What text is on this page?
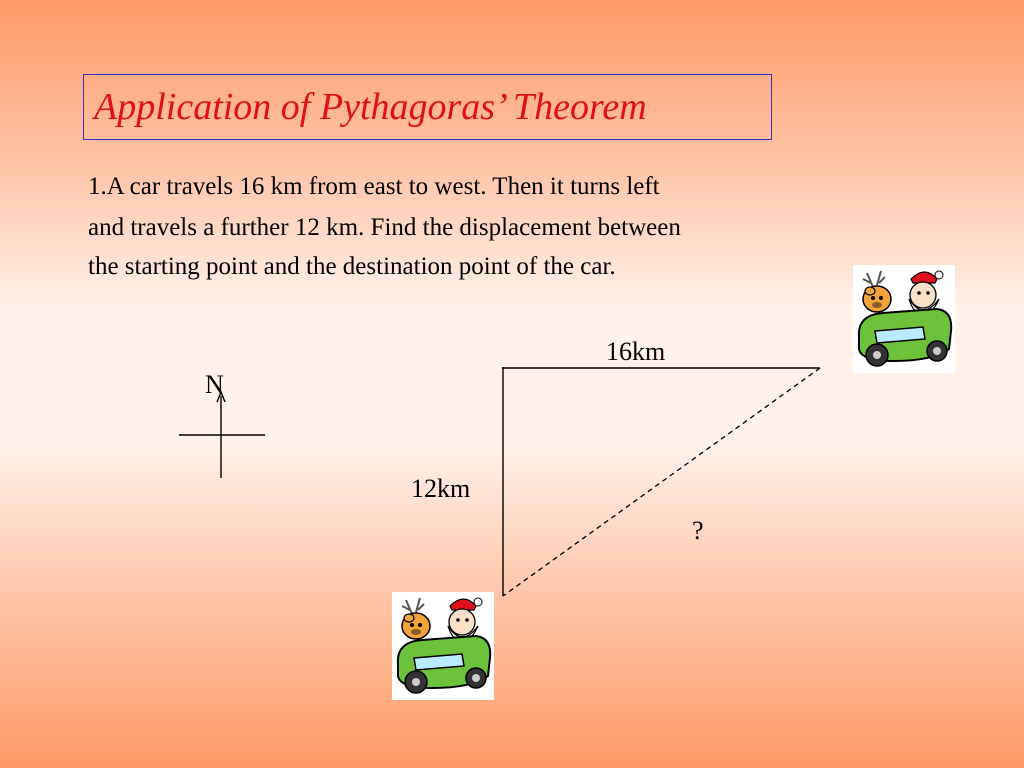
Application of Pythagoras’ Theorem
1.A car travels 16 km from east to west. Then it turns left
and travels a further 12 km. Find the displacement between
the starting point and the destination point of the car.
N
16km
12km
?
